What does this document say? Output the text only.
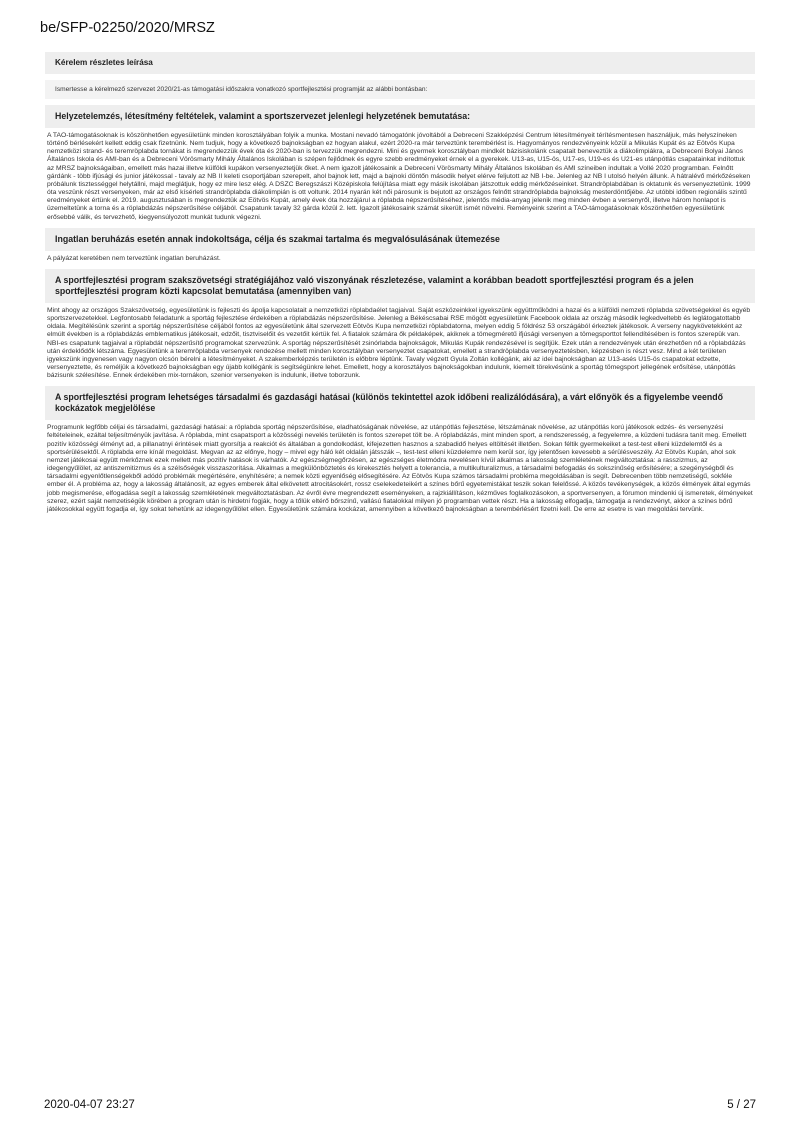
be/SFP-02250/2020/MRSZ
Kérelem részletes leírása
Ismertesse a kérelmező szervezet 2020/21-as támogatási időszakra vonatkozó sportfejlesztési programját az alábbi bontásban:
Helyzetelemzés, létesítmény feltételek, valamint a sportszervezet jelenlegi helyzetének bemutatása:

A TAO-támogatásoknak is köszönhetően egyesületünk minden korosztályában folyik a munka. Mostani nevadó támogatónk jóvoltából a Debreceni Szakképzési Centrum létesítményeit térítésmentesen használjuk, más helyszíneken történő bérlésekért kellett eddig csak fizetnünk. Nem tudjuk, hogy a következő bajnokságban ez hogyan alakul, ezért 2020-ra már terveztünk terembérlést is. Hagyományos rendezvényeink közül a Mikulás Kupát és az Eötvös Kupa nemzetközi strand- és teremröplabda tornákat is megrendezzük évek óta és 2020-ban is tervezzük megrendezni. Mini és gyermek korosztályban mindkét bázisiskolánk csapatait beneveztük a diákolimpiákra, a Debreceni Bolyai János Általános Iskola és AMI-ban és a Debreceni Vörösmarty Mihály Általános Iskolában is szépen fejlődnek és egyre szebb eredményeket érnek el a gyerekek. U13-as, U15-ös, U17-es, U19-es és U21-es utánpótlás csapatainkat indítottuk az MRSZ bajnokságaiban, emellett más hazai illetve külföldi kupákon versenyeztetjük őket. A nem igazolt játékosaink a Debreceni Vörösmarty Mihály Általános Iskolában és AMI színeiben indultak a Vollé 2020 programban. Felnőtt gárdánk - több ifjúsági és junior játékossal - tavaly az NB II keleti csoportjában szerepelt, ahol bajnok lett, majd a bajnoki döntőn második helyet elérve feljutott az NB I-be. Jelenleg az NB I utolsó helyén állunk. A hátralévő mérkőzéseken próbálunk tisztességgel helytállni, majd meglátjuk, hogy ez mire lesz elég. A DSZC Beregszászi Középiskola felújítása miatt egy másik iskolában játszottuk eddig mérkőzéseinket. Strandröplabdában is oktatunk és versenyeztetünk. 1999 óta veszünk részt versenyeken, már az első kísérleti strandröplabda diákolimpián is ott voltunk. 2014 nyarán két női párosunk is bejutott az országos felnőtt strandröplabda bajnokság mesterdöntőjébe. Az utóbbi időben regionális szintű eredményeket értünk el. 2019. augusztusában is megrendeztük az Eötvös Kupát, amely évek óta hozzájárul a röplabda népszerűsítéséhez, jelentős média-anyag jelenik meg minden évben a versenyről, illetve három honlapot is üzemeltetünk a torna és a röplabdázás népszerűsítése céljából. Csapatunk tavaly 32 gárda közül 2. lett. Igazolt játékosaink számát sikerült ismét növelni. Reményeink szerint a TAO-támogatásoknak köszönhetően egyesületünk erősebbé válik, és tervezhető, kiegyensúlyozott munkát tudunk végezni.

Ingatlan beruházás esetén annak indokoltsága, célja és szakmai tartalma és megvalósulásának ütemezése

A pályázat keretében nem terveztünk ingatlan beruházást.

A sportfejlesztési program szakszövetségi stratégiájához való viszonyának részletezése, valamint a korábban beadott sportfejlesztési program és a jelen sportfejlesztési program közti kapcsolat bemutatása (amennyiben van)

Mint ahogy az országos Szakszövetség, egyesületünk is fejleszti és ápolja kapcsolatait a nemzetközi röplabdaélet tagjaival. Saját eszközeinkkel igyekszünk együttműködni a hazai és a külföldi nemzeti röplabda szövetségekkel és egyéb sportszervezetekkel. Legfontosabb feladatunk a sportág fejlesztése érdekében a röplabdázás népszerűsítése. Jelenleg a Békéscsabai RSE mögött egyesületünk Facebook oldala az ország második legkedveltebb és leglátogatottabb oldala. Megítélésünk szerint a sportág népszerűsítése céljából fontos az egyesületünk által szervezett Eötvös Kupa nemzetközi röplabdatorna, melyen eddig 5 földrész 53 országából érkeztek játékosok. A verseny nagykövetekként az elmúlt években is a röplabdázás emblematikus játékosait, edzőit, tisztviselőit és vezetőit kértük fel. A fiatalok számára ők példaképek, akiknek a tömegméretű ifjúsági versenyen a tömegsporttot fellendítésében is fontos szerepük van. NBI-es csapatunk tagjaival a röplabdát népszerűsítő programokat szervezünk. A sportág népszerűsítését zsinórlabda bajnokságok, Mikulás Kupák rendezésével is segítjük. Ezek után a rendezvények után érezhetően nő a röplabdázás után érdeklődők létszáma. Egyesületünk a teremröplabda versenyek rendezése mellett minden korosztályban versenyeztet csapatokat, emellett a strandröplabda versenyeztetésben, képzésben is részt vesz. Mind a két területen igyekszünk ingyenesen vagy nagyon olcsón bérelni a létesítményeket. A szakemberképzés területén is előbbre léptünk. Tavaly végzett Gyula Zoltán kollégánk, aki az idei bajnokságban az U13-asés U15-ös csapatokat edzette, versenyeztette, és reméljük a következő bajnokságban egy újabb kollégánk is segítségünkre lehet. Emellett, hogy a korosztályos bajnokságokban indulunk, kiemelt törekvésünk a sportág tömegsport jellegének erősítése, utánpótlás bázisunk szélesítése. Ennek érdekében mix-tornákon, szenior versenyeken is indulunk, illetve toborzunk.

A sportfejlesztési program lehetséges társadalmi és gazdasági hatásai (különös tekintettel azok időbeni realizálódására), a várt előnyök és a figyelembe veendő kockázatok megjelölése

Programunk legfőbb céljai és társadalmi, gazdasági hatásai: a röplabda sportág népszerűsítése, eladhatóságának növelése, az utánpótlás fejlesztése, létszámának növelése, az utánpótlás korú játékosok edzés- és versenyzési feltételeinek, ezáltal teljesítményük javítása. A röplabda, mint csapatsport a közösségi nevelés területén is fontos szerepet tölt be. A röplabdázás, mint minden sport, a rendszeresség, a fegyelemre, a küzdeni tudásra tanít meg. Emellett pozitív közösségi élményt ad, a pillanatnyi érintések miatt gyorsítja a reakciót és általában a gondolkodást, kifejezetten hasznos a szabadidő helyes eltöltését illetően. Sokan féltik gyermekeiket a test-test elleni küzdelemtől és a sportsérülésektől. A röplabda erre kínál megoldást. Megvan az az előnye, hogy – mivel egy háló két oldalán játsszák –, test-test elleni küzdelemre nem kerül sor, így jelentősen kevesebb a sérülésveszély. Az Eötvös Kupán, ahol sok nemzet játékosai együtt mérkőznek ezek mellett más pozitív hatások is várhatók. Az egészségmegőrzésen, az egészséges életmódra nevelésen kívül alkalmas a lakosság szemléletének megváltoztatása: a rasszizmus, az idegengyűlölet, az antiszemitizmus és a szélsőségek visszaszorítása. Alkalmas a megkülönböztetés és kirekesztés helyett a tolerancia, a multikulturalizmus, a társadalmi befogadás és sokszínűség erősítésére; a szegénységből és társadalmi egyenlőtlenségekből adódó problémák megértésére, enyhítésére; a nemek közti egyenlőség elősegítésére. Az Eötvös Kupa számos társadalmi probléma megoldásában is segít. Debrecenben több nemzetiségű, sokféle ember él. A probléma az, hogy a lakosság általánosít, az egyes emberek által elkövetett atrocitásokért, rossz cselekedeteikért a színes bőrű egyetemistákat teszik sokan felelőssé. A közös tevékenységek, a közös élmények által egymás jobb megismerése, elfogadása segít a lakosság szemléletének megváltoztatásban. Az évről évre megrendezett eseményeken, a rajzkiállításon, kézműves foglalkozásokon, a sportversenyen, a fórumon mindenki új ismeretek, élményeket szerez, ezért saját nemzetiségük körében a program után is hirdetni fogják, hogy a tőlük eltérő bőrszínű, vallású fiatalokkal milyen jó programban vettek részt. Ha a lakosság elfogadja, támogatja a rendezvényt, akkor a színes bőrű játékosokkal együtt fogadja el, így sokat tehetünk az idegengyűlölet ellen. Egyesületünk számára kockázat, amennyiben a következő bajnokságban a terembérlésért fizetni kell. De erre az esetre is van megoldási tervünk.

2020-04-07 23:27	5 / 27
